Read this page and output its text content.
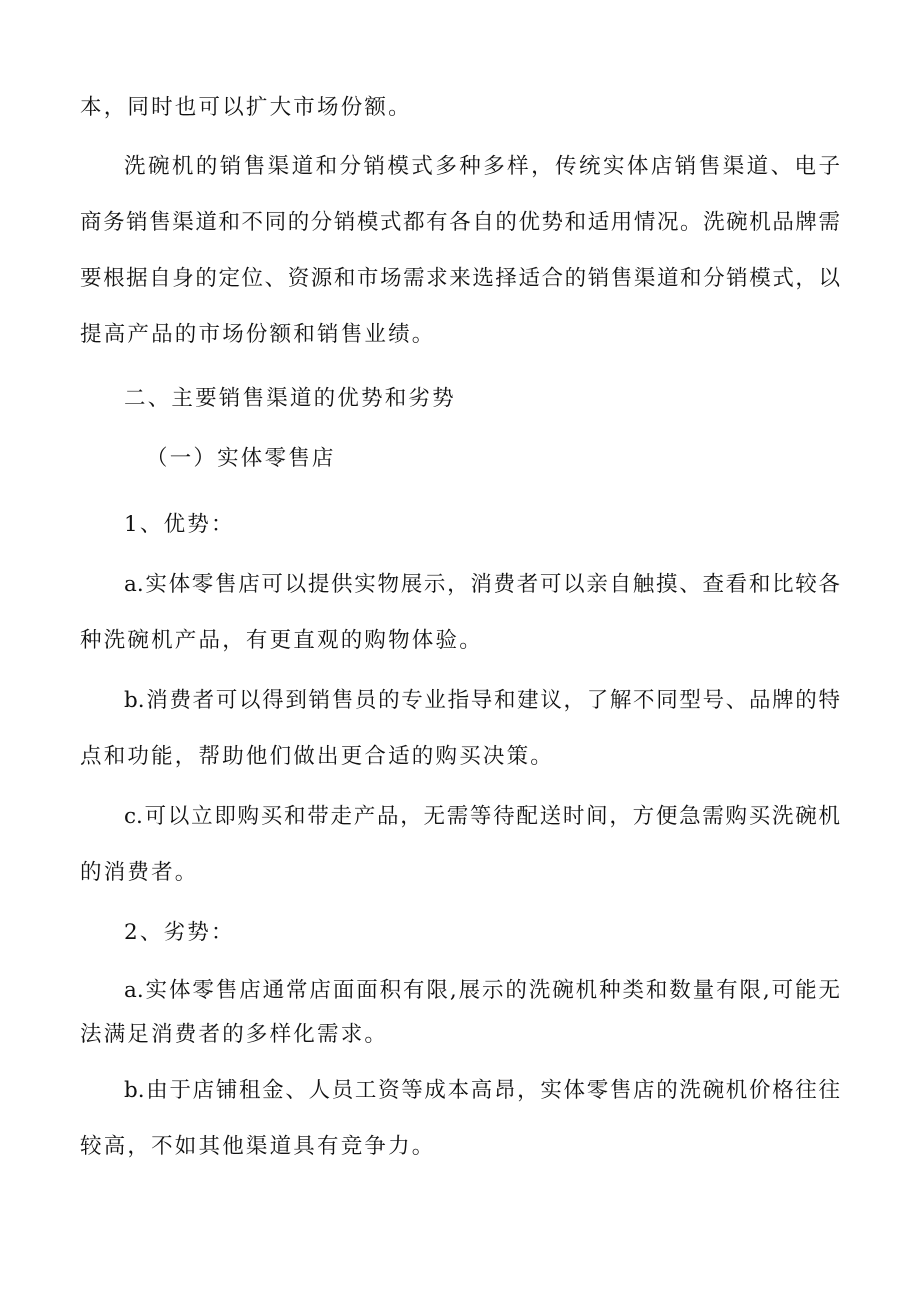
本，同时也可以扩大市场份额。
洗碗机的销售渠道和分销模式多种多样，传统实体店销售渠道、电子
商务销售渠道和不同的分销模式都有各自的优势和适用情况。洗碗机品牌需
要根据自身的定位、资源和市场需求来选择适合的销售渠道和分销模式，以
提高产品的市场份额和销售业绩。
二、主要销售渠道的优势和劣势
（一）实体零售店
1、优势：
a.实体零售店可以提供实物展示，消费者可以亲自触摸、查看和比较各
种洗碗机产品，有更直观的购物体验。
b.消费者可以得到销售员的专业指导和建议，了解不同型号、品牌的特
点和功能，帮助他们做出更合适的购买决策。
c.可以立即购买和带走产品，无需等待配送时间，方便急需购买洗碗机
的消费者。
2、劣势：
a.实体零售店通常店面面积有限,展示的洗碗机种类和数量有限,可能无
法满足消费者的多样化需求。
b.由于店铺租金、人员工资等成本高昂，实体零售店的洗碗机价格往往
较高，不如其他渠道具有竞争力。
